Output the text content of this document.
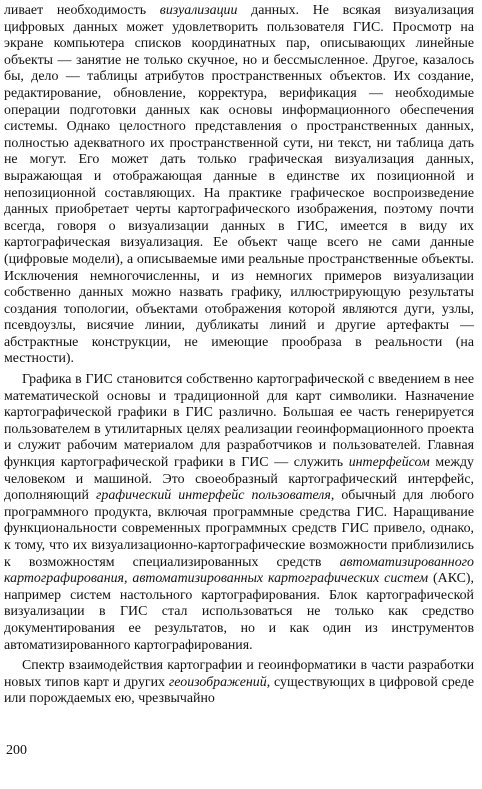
ливает необходимость визуализации данных. Не всякая визуализация цифровых данных может удовлетворить пользователя ГИС. Просмотр на экране компьютера списков координатных пар, описывающих линейные объекты — занятие не только скучное, но и бессмысленное. Другое, казалось бы, дело — таблицы атрибутов пространственных объектов. Их создание, редактирование, обновление, корректура, верификация — необходимые операции подготовки данных как основы информационного обеспечения системы. Однако целостного представления о пространственных данных, полностью адекватного их пространственной сути, ни текст, ни таблица дать не могут. Его может дать только графическая визуализация данных, выражающая и отображающая данные в единстве их позиционной и непозиционной составляющих. На практике графическое воспроизведение данных приобретает черты картографического изображения, поэтому почти всегда, говоря о визуализации данных в ГИС, имеется в виду их картографическая визуализация. Ее объект чаще всего не сами данные (цифровые модели), а описываемые ими реальные пространственные объекты. Исключения немногочисленны, и из немногих примеров визуализации собственно данных можно назвать графику, иллюстрирующую результаты создания топологии, объектами отображения которой являются дуги, узлы, псевдоузлы, висячие линии, дубликаты линий и другие артефакты — абстрактные конструкции, не имеющие прообраза в реальности (на местности).

Графика в ГИС становится собственно картографической с введением в нее математической основы и традиционной для карт символики. Назначение картографической графики в ГИС различно. Большая ее часть генерируется пользователем в утилитарных целях реализации геоинформационного проекта и служит рабочим материалом для разработчиков и пользователей. Главная функция картографической графики в ГИС — служить интерфейсом между человеком и машиной. Это своеобразный картографический интерфейс, дополняющий графический интерфейс пользователя, обычный для любого программного продукта, включая программные средства ГИС. Наращивание функциональности современных программных средств ГИС привело, однако, к тому, что их визуализационно-картографические возможности приблизились к возможностям специализированных средств автоматизированного картографирования, автоматизированных картографических систем (АКС), например систем настольного картографирования. Блок картографической визуализации в ГИС стал использоваться не только как средство документирования ее результатов, но и как один из инструментов автоматизированного картографирования.

Спектр взаимодействия картографии и геоинформатики в части разработки новых типов карт и других геоизображений, существующих в цифровой среде или порождаемых ею, чрезвычайно

200
